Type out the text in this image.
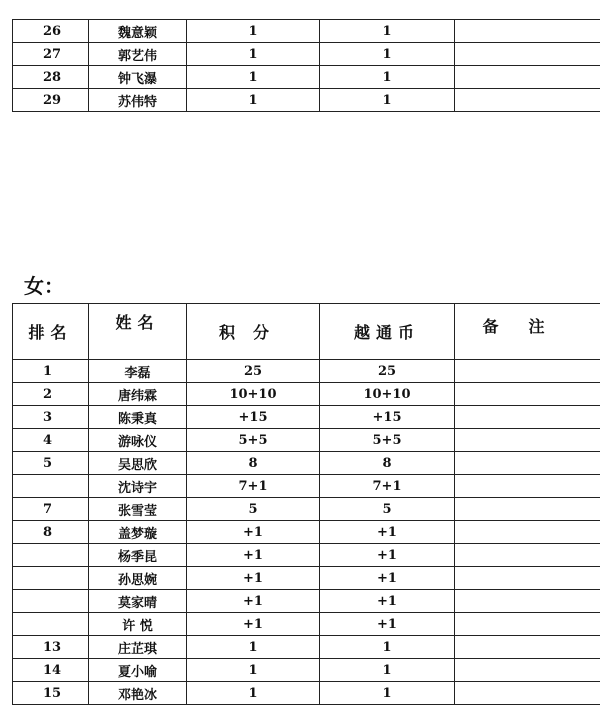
26	魏意颖	1	1	
27	郭艺伟	1	1	
28	钟飞瀑	1	1	
29	苏伟特	1	1	
女：
排名	姓名	积分	越通币	备注
1	李磊	25	25	
2	唐纬霖	10+10	10+10	
3	陈秉真	+15	+15	
4	游咏仪	5+5	5+5	
5	吴思欣	8	8	
	沈诗宇	7+1	7+1	
7	张雪莹	5	5	
8	盖梦璇	+1	+1	
	杨季昆	+1	+1	
	孙思婉	+1	+1	
	莫家晴	+1	+1	
	许 悦	+1	+1	
13	庄芷琪	1	1	
14	夏小喻	1	1	
15	邓艳冰	1	1	
